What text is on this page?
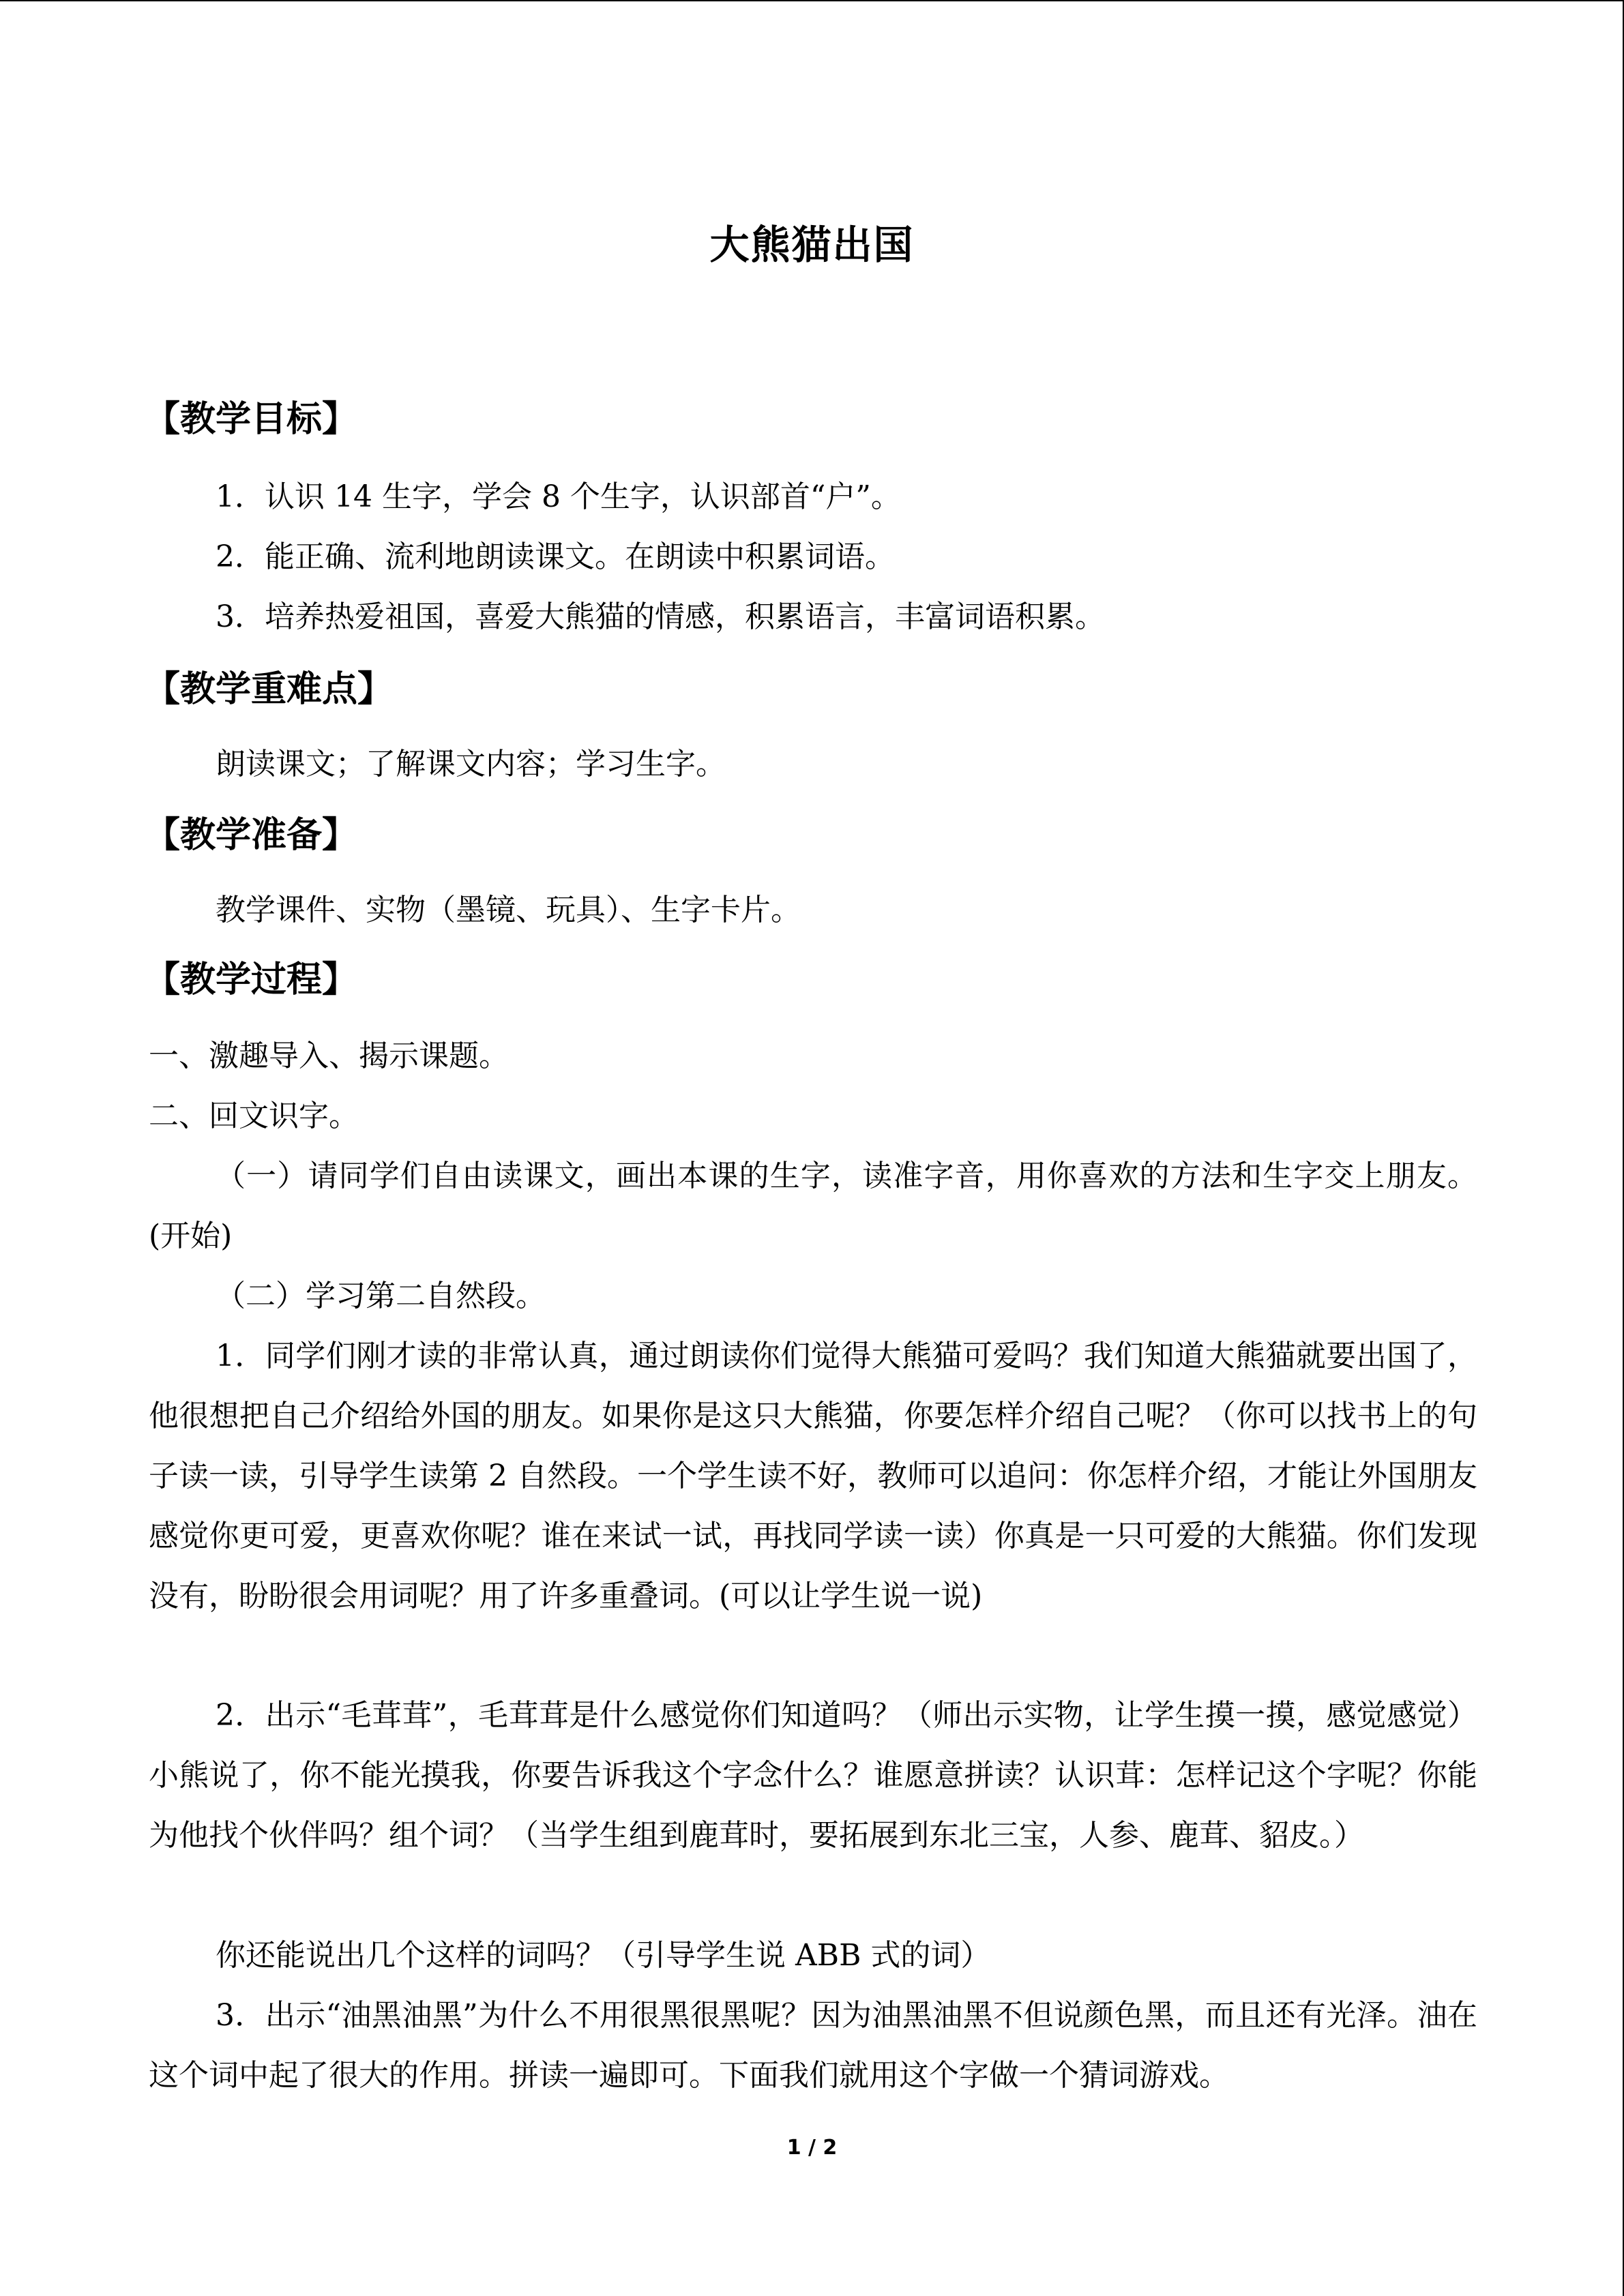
大熊猫出国
【教学目标】
1．认识 14 生字，学会 8 个生字，认识部首“户”。
2．能正确、流利地朗读课文。在朗读中积累词语。
3．培养热爱祖国，喜爱大熊猫的情感，积累语言，丰富词语积累。
【教学重难点】
朗读课文；了解课文内容；学习生字。
【教学准备】
教学课件、实物（墨镜、玩具）、生字卡片。
【教学过程】
一、激趣导入、揭示课题。
二、回文识字。
（一）请同学们自由读课文，画出本课的生字，读准字音，用你喜欢的方法和生字交上朋友。(开始)
（二）学习第二自然段。
1．同学们刚才读的非常认真，通过朗读你们觉得大熊猫可爱吗？我们知道大熊猫就要出国了，他很想把自己介绍给外国的朋友。如果你是这只大熊猫，你要怎样介绍自己呢？（你可以找书上的句子读一读，引导学生读第 2 自然段。一个学生读不好，教师可以追问：你怎样介绍，才能让外国朋友感觉你更可爱，更喜欢你呢？谁在来试一试，再找同学读一读）你真是一只可爱的大熊猫。你们发现没有，盼盼很会用词呢？用了许多重叠词。(可以让学生说一说)
2．出示“毛茸茸”，毛茸茸是什么感觉你们知道吗？（师出示实物，让学生摸一摸，感觉感觉）小熊说了，你不能光摸我，你要告诉我这个字念什么？谁愿意拼读？认识茸：怎样记这个字呢？你能为他找个伙伴吗？组个词？（当学生组到鹿茸时，要拓展到东北三宝，人参、鹿茸、貂皮。）
你还能说出几个这样的词吗？（引导学生说 ABB 式的词）
3．出示“油黑油黑”为什么不用很黑很黑呢？因为油黑油黑不但说颜色黑，而且还有光泽。油在这个词中起了很大的作用。拼读一遍即可。下面我们就用这个字做一个猜词游戏。
1 / 2
